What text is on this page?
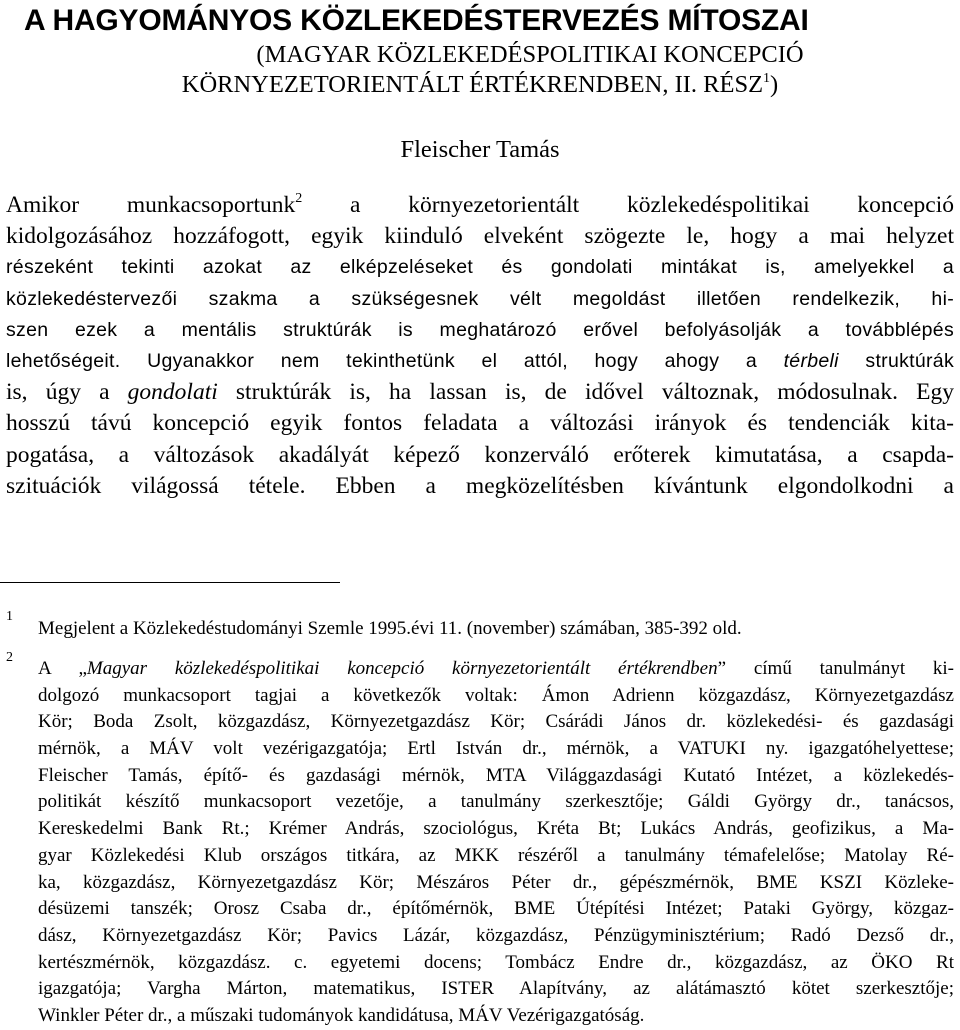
A HAGYOMÁNYOS KÖZLEKEDÉSTERVEZÉS MÍTOSZAI
(MAGYAR KÖZLEKEDÉSPOLITIKAI KONCEPCIÓ
KÖRNYEZETORIENTÁLT ÉRTÉKRENDBEN, II. RÉSZ$^1$)
Fleischer Tamás
Amikor munkacsoportunk$^2$ a környezetorientált közlekedéspolitikai koncepció
kidolgozásához hozzáfogott, egyik kiinduló elveként szögezte le, hogy a mai helyzet
részeként tekinti azokat az elképzeléseket és gondolati mintákat is, amelyekkel a
közlekedéstervezői szakma a szükségesnek vélt megoldást illetően rendelkezik, hi-
szen ezek a mentális struktúrák is meghatározó erővel befolyásolják a továbblépés
lehetőségeit. Ugyanakkor nem tekinthetünk el attól, hogy ahogy a térbeli struktúrák
is, úgy a gondolati struktúrák is, ha lassan is, de idővel változnak, módosulnak. Egy
hosszú távú koncepció egyik fontos feladata a változási irányok és tendenciák kita-
pogatása, a változások akadályát képező konzerváló erőterek kimutatása, a csapda-
szituációk világossá tétele. Ebben a megközelítésben kívántunk elgondolkodni a
1
Megjelent a Közlekedéstudományi Szemle 1995.évi 11. (november) számában, 385-392 old.
2
A „Magyar közlekedéspolitikai koncepció környezetorientált értékrendben” című tanulmányt ki-
dolgozó munkacsoport tagjai a következők voltak: Ámon Adrienn közgazdász, Környezetgazdász
Kör; Boda Zsolt, közgazdász, Környezetgazdász Kör; Csárádi János dr. közlekedési- és gazdasági
mérnök, a MÁV volt vezérigazgatója; Ertl István dr., mérnök, a VATUKI ny. igazgatóhelyettese;
Fleischer Tamás, építő- és gazdasági mérnök, MTA Világgazdasági Kutató Intézet, a közlekedés-
politikát készítő munkacsoport vezetője, a tanulmány szerkesztője; Gáldi György dr., tanácsos,
Kereskedelmi Bank Rt.; Krémer András, szociológus, Kréta Bt; Lukács András, geofizikus, a Ma-
gyar Közlekedési Klub országos titkára, az MKK részéről a tanulmány témafelelőse; Matolay Ré-
ka, közgazdász, Környezetgazdász Kör; Mészáros Péter dr., gépészmérnök, BME KSZI Közleke-
désüzemi tanszék; Orosz Csaba dr., építőmérnök, BME Útépítési Intézet; Pataki György, közgaz-
dász, Környezetgazdász Kör; Pavics Lázár, közgazdász, Pénzügyminisztérium; Radó Dezső dr.,
kertészmérnök, közgazdász. c. egyetemi docens; Tombácz Endre dr., közgazdász, az ÖKO Rt
igazgatója; Vargha Márton, matematikus, ISTER Alapítvány, az alátámasztó kötet szerkesztője;
Winkler Péter dr., a műszaki tudományok kandidátusa, MÁV Vezérigazgatóság.
